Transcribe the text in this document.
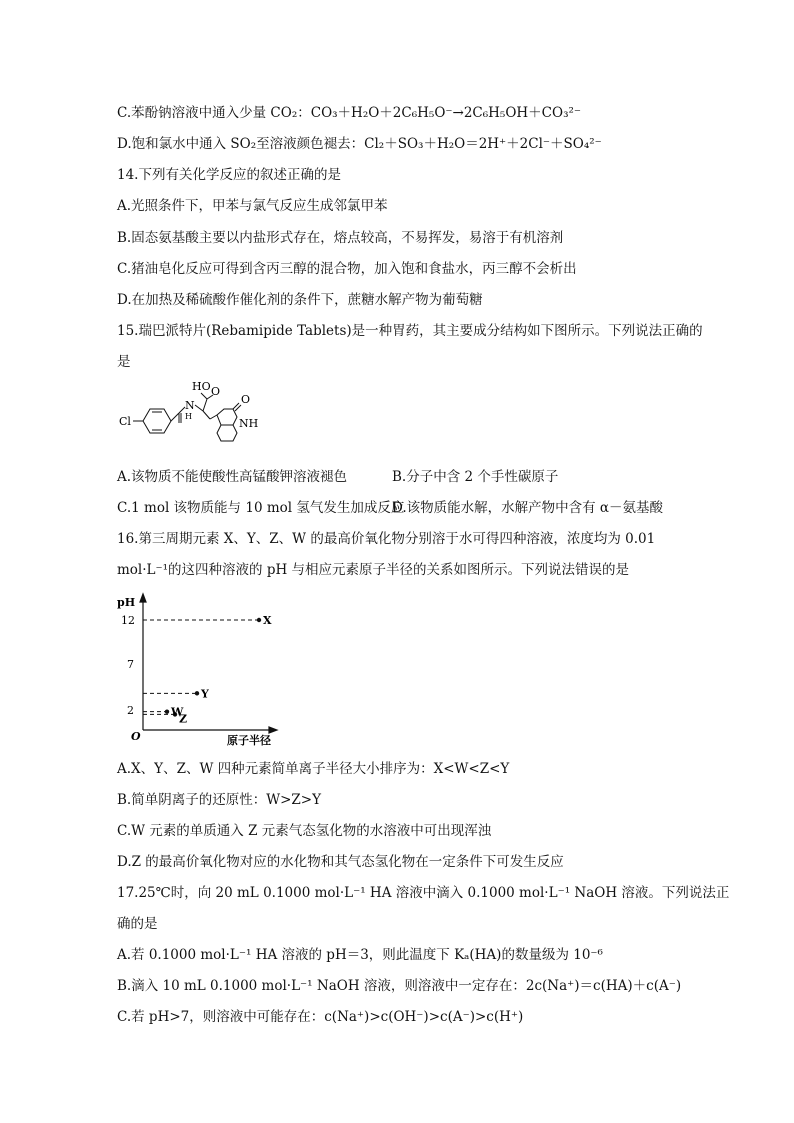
C.苯酚钠溶液中通入少量 CO₂：CO₃＋H₂O＋2C₆H₅O⁻→2C₆H₅OH＋CO₃²⁻
D.饱和氯水中通入 SO₂至溶液颜色褪去：Cl₂＋SO₃＋H₂O＝2H⁺＋2Cl⁻＋SO₄²⁻
14.下列有关化学反应的叙述正确的是
A.光照条件下，甲苯与氯气反应生成邻氯甲苯
B.固态氨基酸主要以内盐形式存在，熔点较高，不易挥发，易溶于有机溶剂
C.猪油皂化反应可得到含丙三醇的混合物，加入饱和食盐水，丙三醇不会析出
D.在加热及稀硫酸作催化剂的条件下，蔗糖水解产物为葡萄糖
15.瑞巴派特片(Rebamipide Tablets)是一种胃药，其主要成分结构如下图所示。下列说法正确的
是
Cl
HO O
N
H
O
NH
A.该物质不能使酸性高锰酸钾溶液褪色	B.分子中含 2 个手性碳原子
C.1 mol 该物质能与 10 mol 氢气发生加成反应
D.该物质能水解，水解产物中含有 α－氨基酸
16.第三周期元素 X、Y、Z、W 的最高价氧化物分别溶于水可得四种溶液，浓度均为 0.01
mol·L⁻¹的这四种溶液的 pH 与相应元素原子半径的关系如图所示。下列说法错误的是
pH
原子半径
O
12
7
2
X
Y
W
Z
A.X、Y、Z、W 四种元素简单离子半径大小排序为：X<W<Z<Y
B.简单阴离子的还原性：W>Z>Y
C.W 元素的单质通入 Z 元素气态氢化物的水溶液中可出现浑浊
D.Z 的最高价氧化物对应的水化物和其气态氢化物在一定条件下可发生反应
17.25℃时，向 20 mL 0.1000 mol·L⁻¹ HA 溶液中滴入 0.1000 mol·L⁻¹ NaOH 溶液。下列说法正
确的是
A.若 0.1000 mol·L⁻¹ HA 溶液的 pH＝3，则此温度下 Kₐ(HA)的数量级为 10⁻⁶
B.滴入 10 mL 0.1000 mol·L⁻¹ NaOH 溶液，则溶液中一定存在：2c(Na⁺)＝c(HA)＋c(A⁻)
C.若 pH>7，则溶液中可能存在：c(Na⁺)>c(OH⁻)>c(A⁻)>c(H⁺)
